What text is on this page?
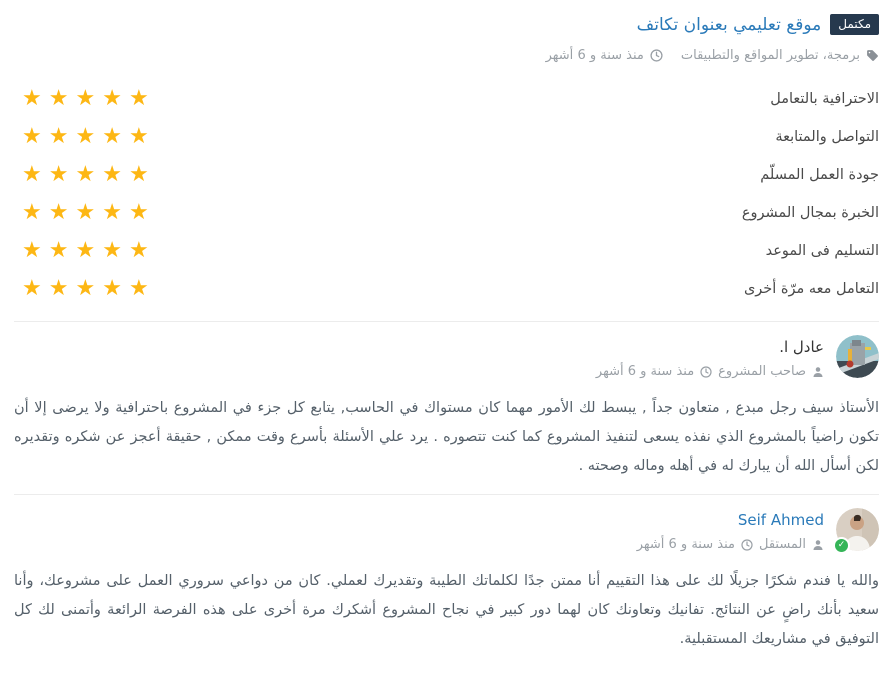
مكتمل
موقع تعليمي بعنوان تكاتف
برمجة، تطوير المواقع والتطبيقات
منذ سنة و 6 أشهر
الاحترافية بالتعامل
★ ★ ★ ★ ★
التواصل والمتابعة
★ ★ ★ ★ ★
جودة العمل المسلّم
★ ★ ★ ★ ★
الخبرة بمجال المشروع
★ ★ ★ ★ ★
التسليم فى الموعد
★ ★ ★ ★ ★
التعامل معه مرّة أخرى
★ ★ ★ ★ ★
عادل ا.
صاحب المشروع
منذ سنة و 6 أشهر

الأستاذ سيف رجل مبدع , متعاون جداً , يبسط لك الأمور مهما كان مستواك في الحاسب, يتابع كل جزء في المشروع باحترافية ولا يرضى إلا أن تكون راضياً بالمشروع الذي نفذه يسعى لتنفيذ المشروع كما كنت تتصوره . يرد علي الأسئلة بأسرع وقت ممكن , حقيقة أعجز عن شكره وتقديره لكن أسأل الله أن يبارك له في أهله وماله وصحته .

✓
Seif Ahmed
المستقل
منذ سنة و 6 أشهر

والله يا فندم شكرًا جزيلًا لك على هذا التقييم أنا ممتن جدًا لكلماتك الطيبة وتقديرك لعملي. كان من دواعي سروري العمل على مشروعك، وأنا سعيد بأنك راضٍ عن النتائج. تفانيك وتعاونك كان لهما دور كبير في نجاح المشروع أشكرك مرة أخرى على هذه الفرصة الرائعة وأتمنى لك كل التوفيق في مشاريعك المستقبلية.
